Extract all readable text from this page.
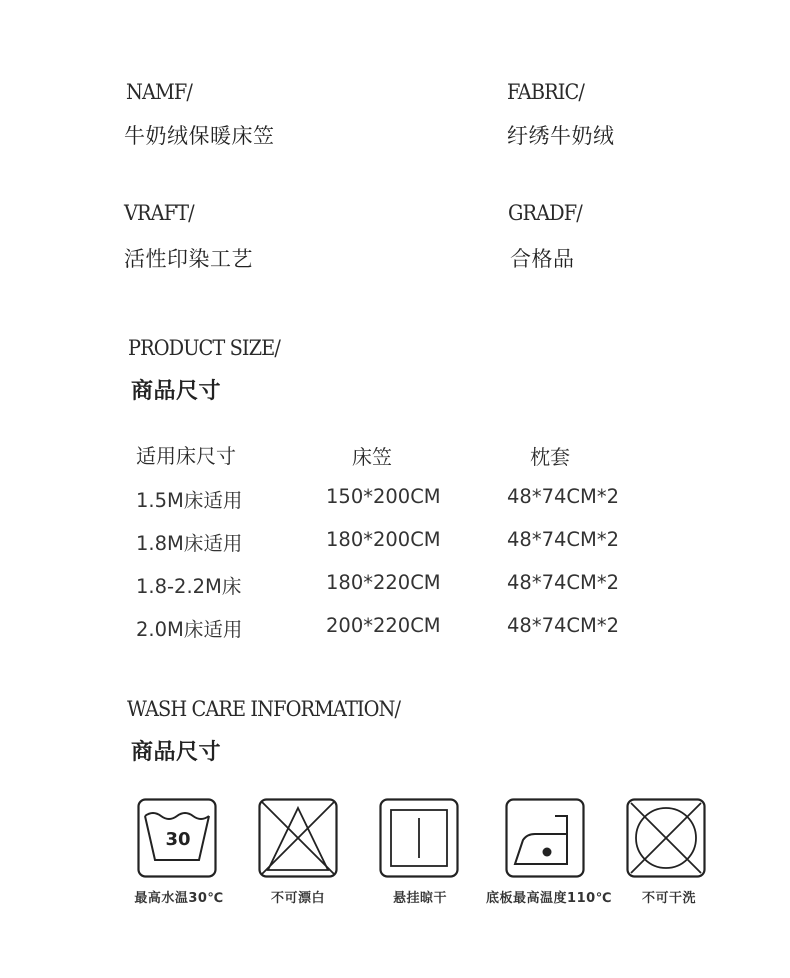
NAMF/
牛奶绒保暖床笠
FABRIC/
纡绣牛奶绒
VRAFT/
活性印染工艺
GRADF/
合格品
PRODUCT SIZE/
商品尺寸
适用床尺寸	床笠	枕套
1.5M床适用	150*200CM	48*74CM*2
1.8M床适用	180*200CM	48*74CM*2
1.8-2.2M床	180*220CM	48*74CM*2
2.0M床适用	200*220CM	48*74CM*2
WASH CARE INFORMATION/
商品尺寸
30
最高水温30℃	不可漂白	悬挂晾干	底板最高温度110℃ 不可干洗
